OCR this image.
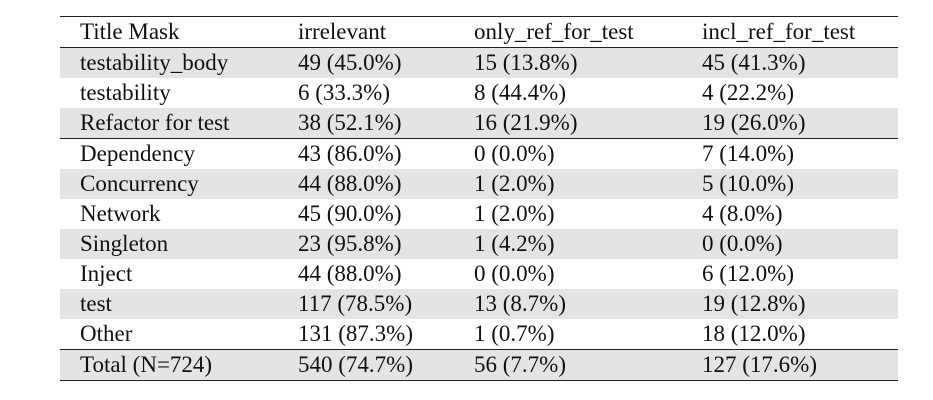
Title Mask	irrelevant	only_ref_for_test	incl_ref_for_test
testability_body	49 (45.0%)	15 (13.8%)	45 (41.3%)
testability	6 (33.3%)	8 (44.4%)	4 (22.2%)
Refactor for test	38 (52.1%)	16 (21.9%)	19 (26.0%)
Dependency	43 (86.0%)	0 (0.0%)	7 (14.0%)
Concurrency	44 (88.0%)	1 (2.0%)	5 (10.0%)
Network	45 (90.0%)	1 (2.0%)	4 (8.0%)
Singleton	23 (95.8%)	1 (4.2%)	0 (0.0%)
Inject	44 (88.0%)	0 (0.0%)	6 (12.0%)
test	117 (78.5%)	13 (8.7%)	19 (12.8%)
Other	131 (87.3%)	1 (0.7%)	18 (12.0%)
Total (N=724)	540 (74.7%)	56 (7.7%)	127 (17.6%)
